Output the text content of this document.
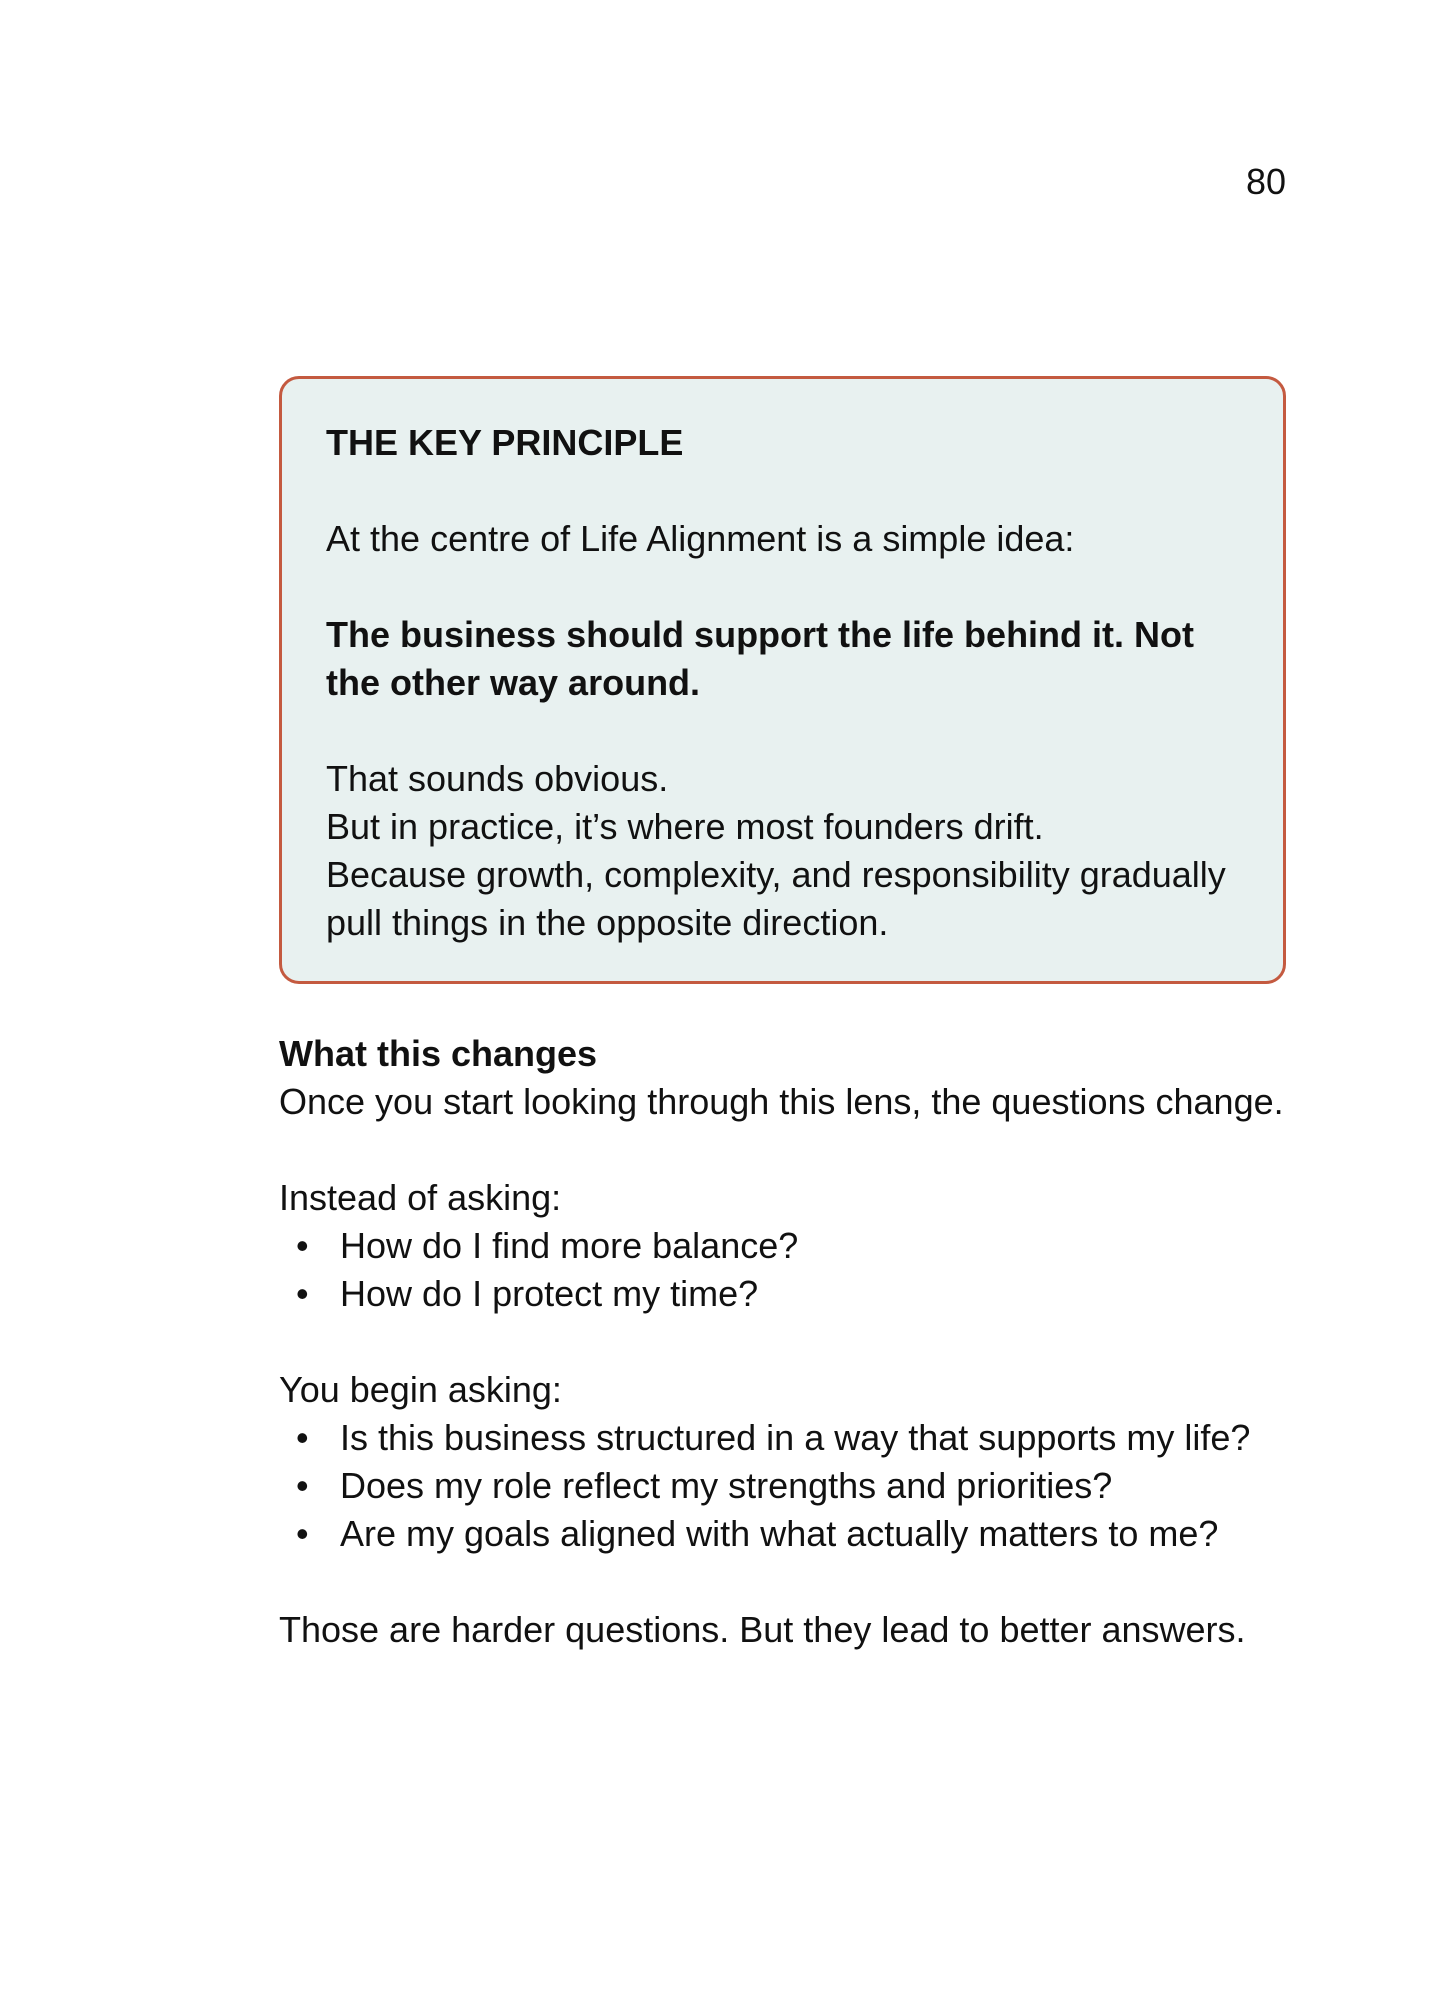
80

THE KEY PRINCIPLE

At the centre of Life Alignment is a simple idea:

The business should support the life behind it. Not the other way around.

That sounds obvious.

But in practice, it’s where most founders drift.

Because growth, complexity, and responsibility gradually pull things in the opposite direction.

What this changes

Once you start looking through this lens, the questions change.

Instead of asking:

• How do I find more balance?
• How do I protect my time?

You begin asking:

• Is this business structured in a way that supports my life?
• Does my role reflect my strengths and priorities?
• Are my goals aligned with what actually matters to me?

Those are harder questions. But they lead to better answers.
